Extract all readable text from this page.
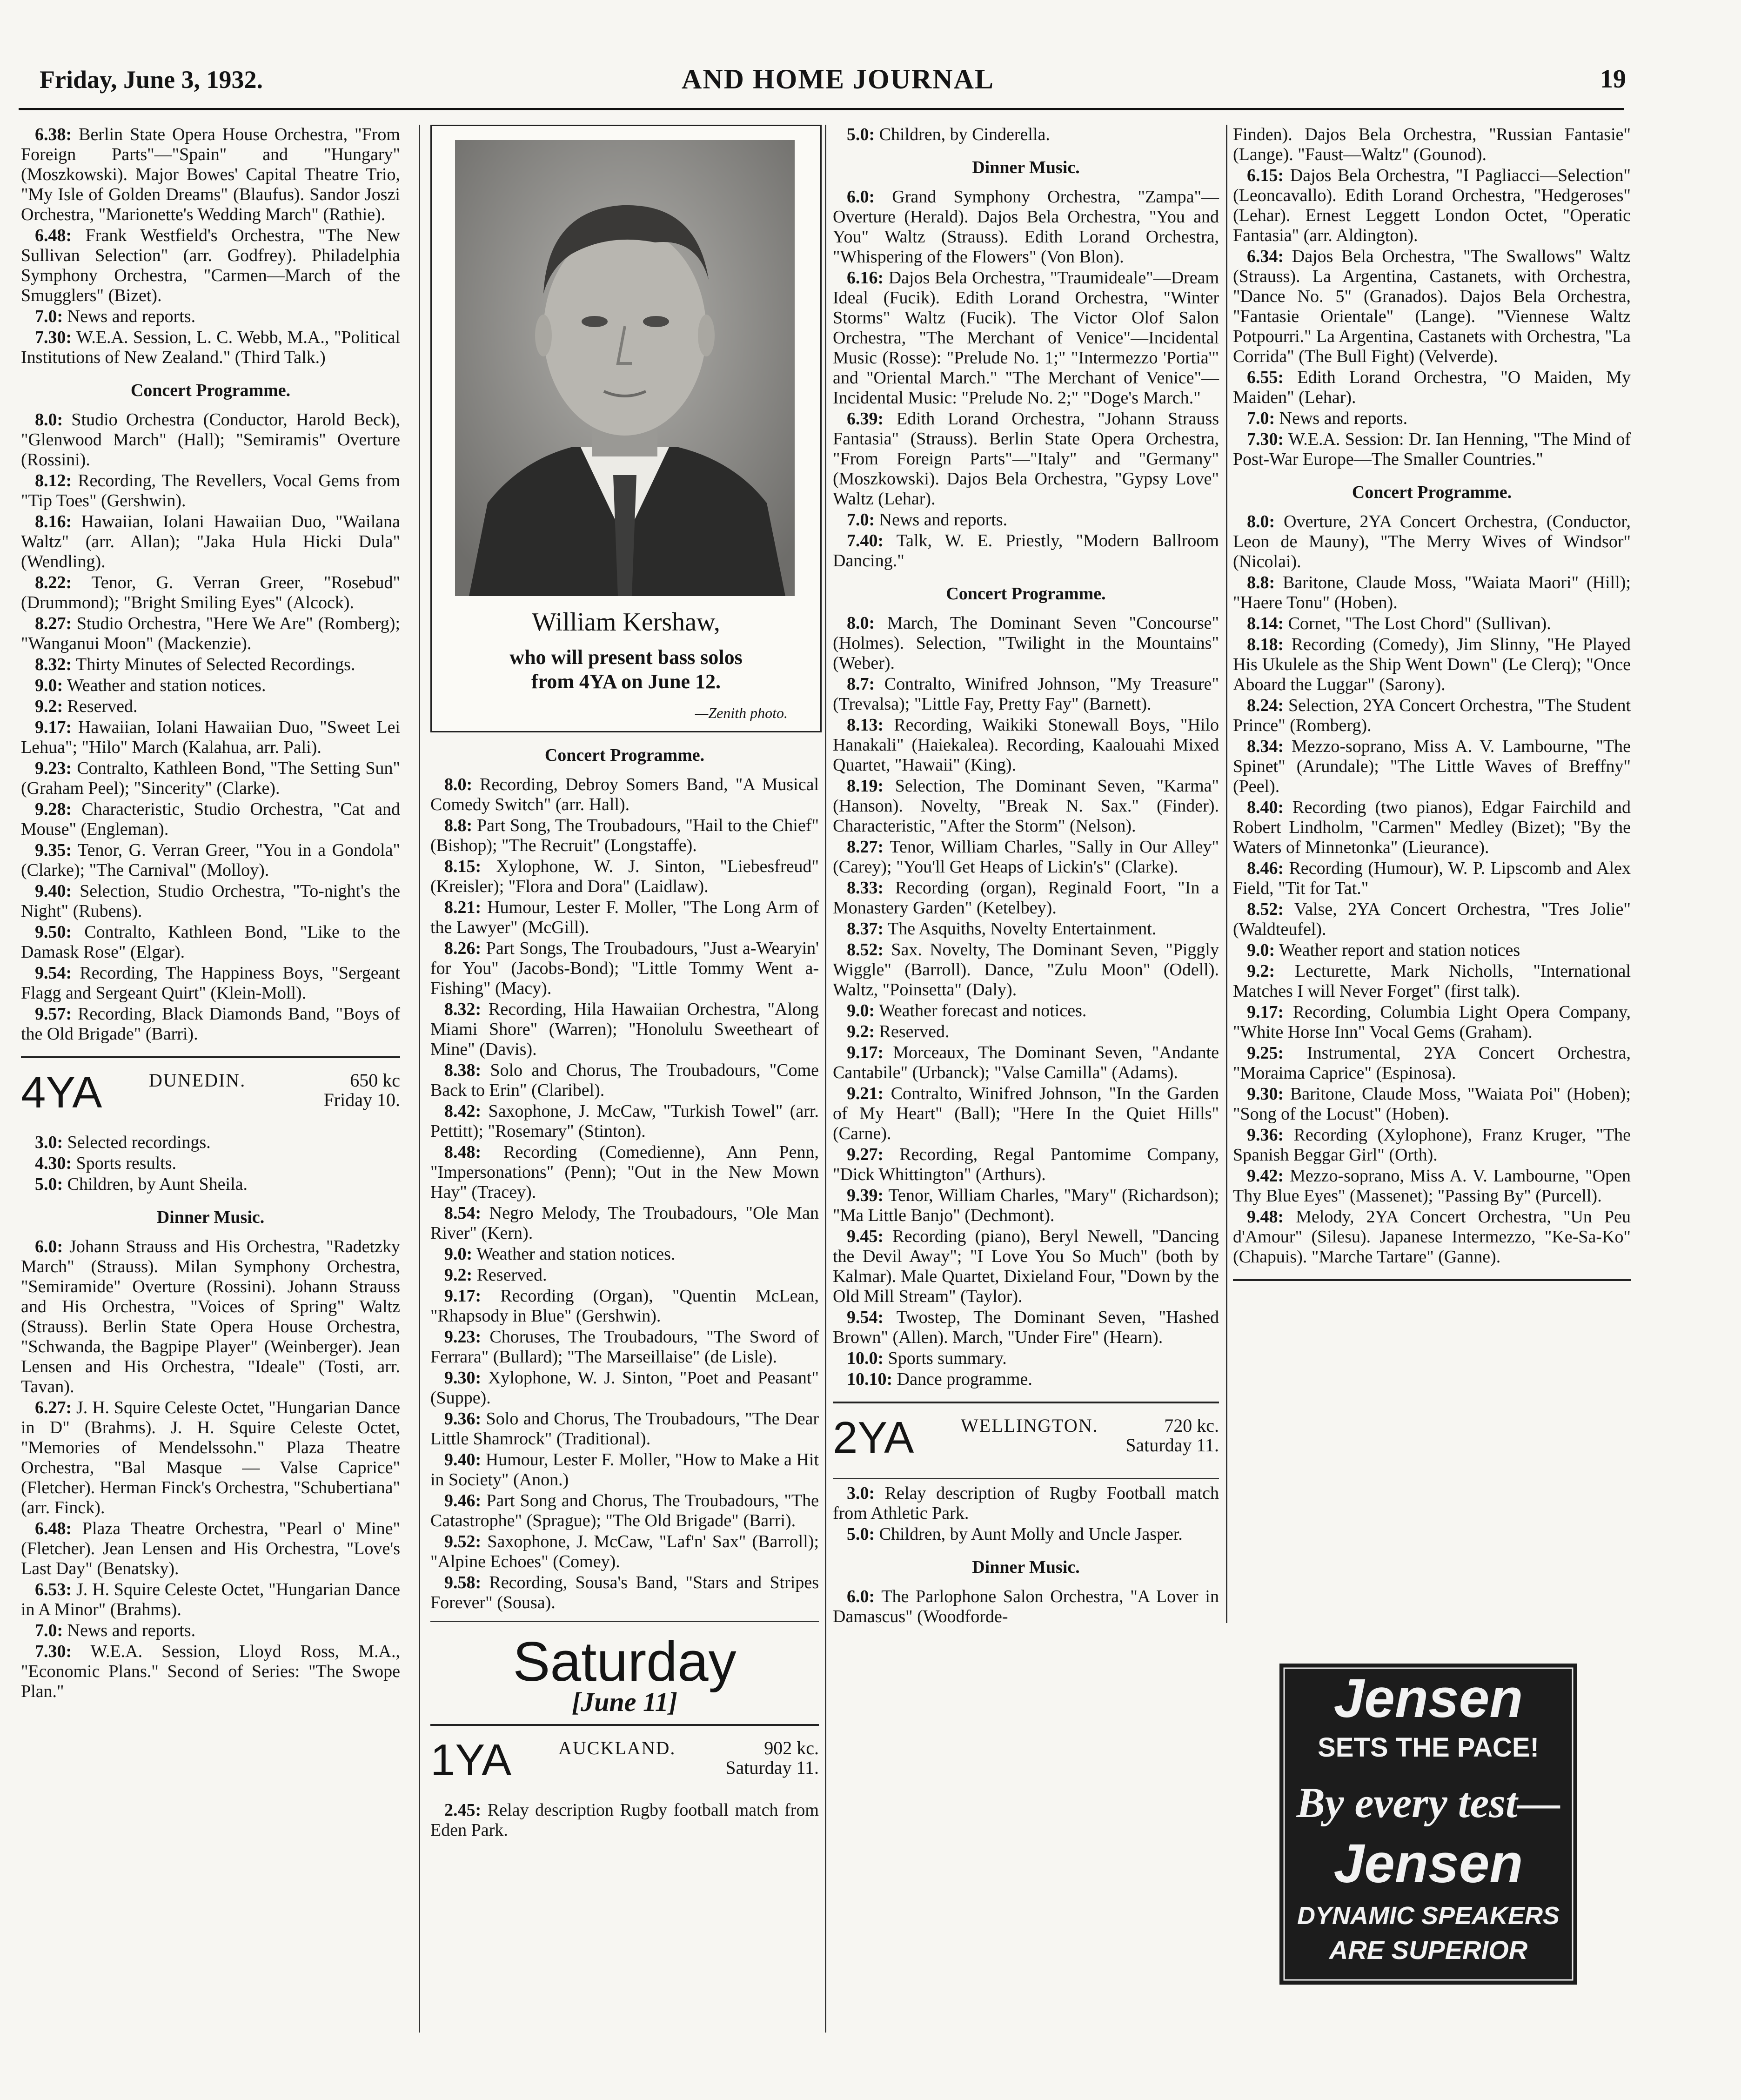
Friday, June 3, 1932.	AND HOME JOURNAL	19
6.38: Berlin State Opera House Orchestra, "From Foreign Parts"—"Spain" and "Hungary" (Moszkowski). Major Bowes' Capital Theatre Trio, "My Isle of Golden Dreams" (Blaufus). Sandor Joszi Orchestra, "Marionette's Wedding March" (Rathie).
6.48: Frank Westfield's Orchestra, "The New Sullivan Selection" (arr. Godfrey). Philadelphia Symphony Orchestra, "Carmen—March of the Smugglers" (Bizet).
7.0: News and reports.
7.30: W.E.A. Session, L. C. Webb, M.A., "Political Institutions of New Zealand." (Third Talk.)
Concert Programme.
8.0: Studio Orchestra (Conductor, Harold Beck), "Glenwood March" (Hall); "Semiramis" Overture (Rossini).
8.12: Recording, The Revellers, Vocal Gems from "Tip Toes" (Gershwin).
8.16: Hawaiian, Iolani Hawaiian Duo, "Wailana Waltz" (arr. Allan); "Jaka Hula Hicki Dula" (Wendling).
8.22: Tenor, G. Verran Greer, "Rosebud" (Drummond); "Bright Smiling Eyes" (Alcock).
8.27: Studio Orchestra, "Here We Are" (Romberg); "Wanganui Moon" (Mackenzie).
8.32: Thirty Minutes of Selected Recordings.
9.0: Weather and station notices.
9.2: Reserved.
9.17: Hawaiian, Iolani Hawaiian Duo, "Sweet Lei Lehua"; "Hilo" March (Kalahua, arr. Pali).
9.23: Contralto, Kathleen Bond, "The Setting Sun" (Graham Peel); "Sincerity" (Clarke).
9.28: Characteristic, Studio Orchestra, "Cat and Mouse" (Engleman).
9.35: Tenor, G. Verran Greer, "You in a Gondola" (Clarke); "The Carnival" (Molloy).
9.40: Selection, Studio Orchestra, "To-night's the Night" (Rubens).
9.50: Contralto, Kathleen Bond, "Like to the Damask Rose" (Elgar).
9.54: Recording, The Happiness Boys, "Sergeant Flagg and Sergeant Quirt" (Klein-Moll).
9.57: Recording, Black Diamonds Band, "Boys of the Old Brigade" (Barri).
4YA	DUNEDIN.	650 kc
Friday 10.
3.0: Selected recordings.
4.30: Sports results.
5.0: Children, by Aunt Sheila.
Dinner Music.
6.0: Johann Strauss and His Orchestra, "Radetzky March" (Strauss). Milan Symphony Orchestra, "Semiramide" Overture (Rossini). Johann Strauss and His Orchestra, "Voices of Spring" Waltz (Strauss). Berlin State Opera House Orchestra, "Schwanda, the Bagpipe Player" (Weinberger). Jean Lensen and His Orchestra, "Ideale" (Tosti, arr. Tavan).
6.27: J. H. Squire Celeste Octet, "Hungarian Dance in D" (Brahms). J. H. Squire Celeste Octet, "Memories of Mendelssohn." Plaza Theatre Orchestra, "Bal Masque — Valse Caprice" (Fletcher). Herman Finck's Orchestra, "Schubertiana" (arr. Finck).
6.48: Plaza Theatre Orchestra, "Pearl o' Mine" (Fletcher). Jean Lensen and His Orchestra, "Love's Last Day" (Benatsky).
6.53: J. H. Squire Celeste Octet, "Hungarian Dance in A Minor" (Brahms).
7.0: News and reports.
7.30: W.E.A. Session, Lloyd Ross, M.A., "Economic Plans." Second of Series: "The Swope Plan."
William Kershaw,
who will present bass solos
from 4YA on June 12.
—Zenith photo.
Concert Programme.
8.0: Recording, Debroy Somers Band, "A Musical Comedy Switch" (arr. Hall).
8.8: Part Song, The Troubadours, "Hail to the Chief" (Bishop); "The Recruit" (Longstaffe).
8.15: Xylophone, W. J. Sinton, "Liebesfreud" (Kreisler); "Flora and Dora" (Laidlaw).
8.21: Humour, Lester F. Moller, "The Long Arm of the Lawyer" (McGill).
8.26: Part Songs, The Troubadours, "Just a-Wearyin' for You" (Jacobs-Bond); "Little Tommy Went a-Fishing" (Macy).
8.32: Recording, Hila Hawaiian Orchestra, "Along Miami Shore" (Warren); "Honolulu Sweetheart of Mine" (Davis).
8.38: Solo and Chorus, The Troubadours, "Come Back to Erin" (Claribel).
8.42: Saxophone, J. McCaw, "Turkish Towel" (arr. Pettitt); "Rosemary" (Stinton).
8.48: Recording (Comedienne), Ann Penn, "Impersonations" (Penn); "Out in the New Mown Hay" (Tracey).
8.54: Negro Melody, The Troubadours, "Ole Man River" (Kern).
9.0: Weather and station notices.
9.2: Reserved.
9.17: Recording (Organ), "Quentin McLean, "Rhapsody in Blue" (Gershwin).
9.23: Choruses, The Troubadours, "The Sword of Ferrara" (Bullard); "The Marseillaise" (de Lisle).
9.30: Xylophone, W. J. Sinton, "Poet and Peasant" (Suppe).
9.36: Solo and Chorus, The Troubadours, "The Dear Little Shamrock" (Traditional).
9.40: Humour, Lester F. Moller, "How to Make a Hit in Society" (Anon.)
9.46: Part Song and Chorus, The Troubadours, "The Catastrophe" (Sprague); "The Old Brigade" (Barri).
9.52: Saxophone, J. McCaw, "Laf'n' Sax" (Barroll); "Alpine Echoes" (Comey).
9.58: Recording, Sousa's Band, "Stars and Stripes Forever" (Sousa).
Saturday
[June 11]
1YA	AUCKLAND.	902 kc.
Saturday 11.
2.45: Relay description Rugby football match from Eden Park.
5.0: Children, by Cinderella.
Dinner Music.
6.0: Grand Symphony Orchestra, "Zampa"—Overture (Herald). Dajos Bela Orchestra, "You and You" Waltz (Strauss). Edith Lorand Orchestra, "Whispering of the Flowers" (Von Blon).
6.16: Dajos Bela Orchestra, "Traumideale"—Dream Ideal (Fucik). Edith Lorand Orchestra, "Winter Storms" Waltz (Fucik). The Victor Olof Salon Orchestra, "The Merchant of Venice"—Incidental Music (Rosse): "Prelude No. 1;" "Intermezzo 'Portia'" and "Oriental March." "The Merchant of Venice"—Incidental Music: "Prelude No. 2;" "Doge's March."
6.39: Edith Lorand Orchestra, "Johann Strauss Fantasia" (Strauss). Berlin State Opera Orchestra, "From Foreign Parts"—"Italy" and "Germany" (Moszkowski). Dajos Bela Orchestra, "Gypsy Love" Waltz (Lehar).
7.0: News and reports.
7.40: Talk, W. E. Priestly, "Modern Ballroom Dancing."
Concert Programme.
8.0: March, The Dominant Seven "Concourse" (Holmes). Selection, "Twilight in the Mountains" (Weber).
8.7: Contralto, Winifred Johnson, "My Treasure" (Trevalsa); "Little Fay, Pretty Fay" (Barnett).
8.13: Recording, Waikiki Stonewall Boys, "Hilo Hanakali" (Haiekalea). Recording, Kaalouahi Mixed Quartet, "Hawaii" (King).
8.19: Selection, The Dominant Seven, "Karma" (Hanson). Novelty, "Break N. Sax." (Finder). Characteristic, "After the Storm" (Nelson).
8.27: Tenor, William Charles, "Sally in Our Alley" (Carey); "You'll Get Heaps of Lickin's" (Clarke).
8.33: Recording (organ), Reginald Foort, "In a Monastery Garden" (Ketelbey).
8.37: The Asquiths, Novelty Entertainment.
8.52: Sax. Novelty, The Dominant Seven, "Piggly Wiggle" (Barroll). Dance, "Zulu Moon" (Odell). Waltz, "Poinsetta" (Daly).
9.0: Weather forecast and notices.
9.2: Reserved.
9.17: Morceaux, The Dominant Seven, "Andante Cantabile" (Urbanck); "Valse Camilla" (Adams).
9.21: Contralto, Winifred Johnson, "In the Garden of My Heart" (Ball); "Here In the Quiet Hills" (Carne).
9.27: Recording, Regal Pantomime Company, "Dick Whittington" (Arthurs).
9.39: Tenor, William Charles, "Mary" (Richardson); "Ma Little Banjo" (Dechmont).
9.45: Recording (piano), Beryl Newell, "Dancing the Devil Away"; "I Love You So Much" (both by Kalmar). Male Quartet, Dixieland Four, "Down by the Old Mill Stream" (Taylor).
9.54: Twostep, The Dominant Seven, "Hashed Brown" (Allen). March, "Under Fire" (Hearn).
10.0: Sports summary.
10.10: Dance programme.
2YA	WELLINGTON.	720 kc.
Saturday 11.
3.0: Relay description of Rugby Football match from Athletic Park.
5.0: Children, by Aunt Molly and Uncle Jasper.
Dinner Music.
6.0: The Parlophone Salon Orchestra, "A Lover in Damascus" (Woodforde-
Finden). Dajos Bela Orchestra, "Russian Fantasie" (Lange). "Faust—Waltz" (Gounod).
6.15: Dajos Bela Orchestra, "I Pagliacci—Selection" (Leoncavallo). Edith Lorand Orchestra, "Hedgeroses" (Lehar). Ernest Leggett London Octet, "Operatic Fantasia" (arr. Aldington).
6.34: Dajos Bela Orchestra, "The Swallows" Waltz (Strauss). La Argentina, Castanets, with Orchestra, "Dance No. 5" (Granados). Dajos Bela Orchestra, "Fantasie Orientale" (Lange). "Viennese Waltz Potpourri." La Argentina, Castanets with Orchestra, "La Corrida" (The Bull Fight) (Velverde).
6.55: Edith Lorand Orchestra, "O Maiden, My Maiden" (Lehar).
7.0: News and reports.
7.30: W.E.A. Session: Dr. Ian Henning, "The Mind of Post-War Europe—The Smaller Countries."
Concert Programme.
8.0: Overture, 2YA Concert Orchestra, (Conductor, Leon de Mauny), "The Merry Wives of Windsor" (Nicolai).
8.8: Baritone, Claude Moss, "Waiata Maori" (Hill); "Haere Tonu" (Hoben).
8.14: Cornet, "The Lost Chord" (Sullivan).
8.18: Recording (Comedy), Jim Slinny, "He Played His Ukulele as the Ship Went Down" (Le Clerq); "Once Aboard the Luggar" (Sarony).
8.24: Selection, 2YA Concert Orchestra, "The Student Prince" (Romberg).
8.34: Mezzo-soprano, Miss A. V. Lambourne, "The Spinet" (Arundale); "The Little Waves of Breffny" (Peel).
8.40: Recording (two pianos), Edgar Fairchild and Robert Lindholm, "Carmen" Medley (Bizet); "By the Waters of Minnetonka" (Lieurance).
8.46: Recording (Humour), W. P. Lipscomb and Alex Field, "Tit for Tat."
8.52: Valse, 2YA Concert Orchestra, "Tres Jolie" (Waldteufel).
9.0: Weather report and station notices
9.2: Lecturette, Mark Nicholls, "International Matches I will Never Forget" (first talk).
9.17: Recording, Columbia Light Opera Company, "White Horse Inn" Vocal Gems (Graham).
9.25: Instrumental, 2YA Concert Orchestra, "Moraima Caprice" (Espinosa).
9.30: Baritone, Claude Moss, "Waiata Poi" (Hoben); "Song of the Locust" (Hoben).
9.36: Recording (Xylophone), Franz Kruger, "The Spanish Beggar Girl" (Orth).
9.42: Mezzo-soprano, Miss A. V. Lambourne, "Open Thy Blue Eyes" (Massenet); "Passing By" (Purcell).
9.48: Melody, 2YA Concert Orchestra, "Un Peu d'Amour" (Silesu). Japanese Intermezzo, "Ke-Sa-Ko" (Chapuis). "Marche Tartare" (Ganne).
Jensen
SETS THE PACE!
By every test—
Jensen
DYNAMIC SPEAKERS
ARE SUPERIOR
